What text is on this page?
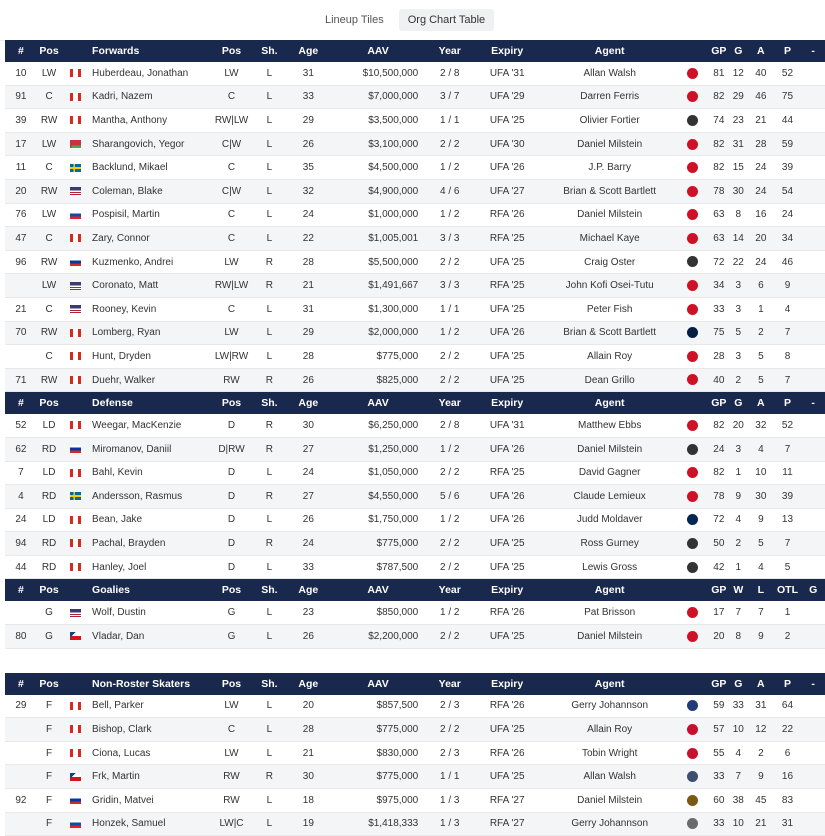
Lineup Tiles	Org Chart Table
#	Pos		Forwards	Pos	Sh.	Age	AAV	Year	Expiry	Agent		GP	G	A	P	-
10	LW		Huberdeau, Jonathan	LW	L	31	$10,500,000	2 / 8	UFA '31	Allan Walsh		81	12	40	52	
91	C		Kadri, Nazem	C	L	33	$7,000,000	3 / 7	UFA '29	Darren Ferris		82	29	46	75	
39	RW		Mantha, Anthony	RW|LW	L	29	$3,500,000	1 / 1	UFA '25	Olivier Fortier		74	23	21	44	
17	LW		Sharangovich, Yegor	C|W	L	26	$3,100,000	2 / 2	UFA '30	Daniel Milstein		82	31	28	59	
11	C		Backlund, Mikael	C	L	35	$4,500,000	1 / 2	UFA '26	J.P. Barry		82	15	24	39	
20	RW		Coleman, Blake	C|W	L	32	$4,900,000	4 / 6	UFA '27	Brian & Scott Bartlett		78	30	24	54	
76	LW		Pospisil, Martin	C	L	24	$1,000,000	1 / 2	RFA '26	Daniel Milstein		63	8	16	24	
47	C		Zary, Connor	C	L	22	$1,005,001	3 / 3	RFA '25	Michael Kaye		63	14	20	34	
96	RW		Kuzmenko, Andrei	LW	R	28	$5,500,000	2 / 2	UFA '25	Craig Oster		72	22	24	46	
	LW		Coronato, Matt	RW|LW	R	21	$1,491,667	3 / 3	RFA '25	John Kofi Osei-Tutu		34	3	6	9	
21	C		Rooney, Kevin	C	L	31	$1,300,000	1 / 1	UFA '25	Peter Fish		33	3	1	4	
70	RW		Lomberg, Ryan	LW	L	29	$2,000,000	1 / 2	UFA '26	Brian & Scott Bartlett		75	5	2	7	
	C		Hunt, Dryden	LW|RW	L	28	$775,000	2 / 2	UFA '25	Allain Roy		28	3	5	8	
71	RW		Duehr, Walker	RW	R	26	$825,000	2 / 2	UFA '25	Dean Grillo		40	2	5	7	
#	Pos		Defense	Pos	Sh.	Age	AAV	Year	Expiry	Agent		GP	G	A	P	-
52	LD		Weegar, MacKenzie	D	R	30	$6,250,000	2 / 8	UFA '31	Matthew Ebbs		82	20	32	52	
62	RD		Miromanov, Daniil	D|RW	R	27	$1,250,000	1 / 2	UFA '26	Daniel Milstein		24	3	4	7	
7	LD		Bahl, Kevin	D	L	24	$1,050,000	2 / 2	RFA '25	David Gagner		82	1	10	11	
4	RD		Andersson, Rasmus	D	R	27	$4,550,000	5 / 6	UFA '26	Claude Lemieux		78	9	30	39	
24	LD		Bean, Jake	D	L	26	$1,750,000	1 / 2	UFA '26	Judd Moldaver		72	4	9	13	
94	RD		Pachal, Brayden	D	R	24	$775,000	2 / 2	UFA '25	Ross Gurney		50	2	5	7	
44	RD		Hanley, Joel	D	L	33	$787,500	2 / 2	UFA '25	Lewis Gross		42	1	4	5	
#	Pos		Goalies	Pos	Sh.	Age	AAV	Year	Expiry	Agent		GP	W	L	OTL	G
	G		Wolf, Dustin	G	L	23	$850,000	1 / 2	RFA '26	Pat Brisson		17	7	7	1	
80	G		Vladar, Dan	G	L	26	$2,200,000	2 / 2	UFA '25	Daniel Milstein		20	8	9	2	
#	Pos		Non-Roster Skaters	Pos	Sh.	Age	AAV	Year	Expiry	Agent		GP	G	A	P	-
29	F		Bell, Parker	LW	L	20	$857,500	2 / 3	RFA '26	Gerry Johannson		59	33	31	64	
	F		Bishop, Clark	C	L	28	$775,000	2 / 2	UFA '25	Allain Roy		57	10	12	22	
	F		Ciona, Lucas	LW	L	21	$830,000	2 / 3	RFA '26	Tobin Wright		55	4	2	6	
	F		Frk, Martin	RW	R	30	$775,000	1 / 1	UFA '25	Allan Walsh		33	7	9	16	
92	F		Gridin, Matvei	RW	L	18	$975,000	1 / 3	RFA '27	Daniel Milstein		60	38	45	83	
	F		Honzek, Samuel	LW|C	L	19	$1,418,333	1 / 3	RFA '27	Gerry Johannson		33	10	21	31	
